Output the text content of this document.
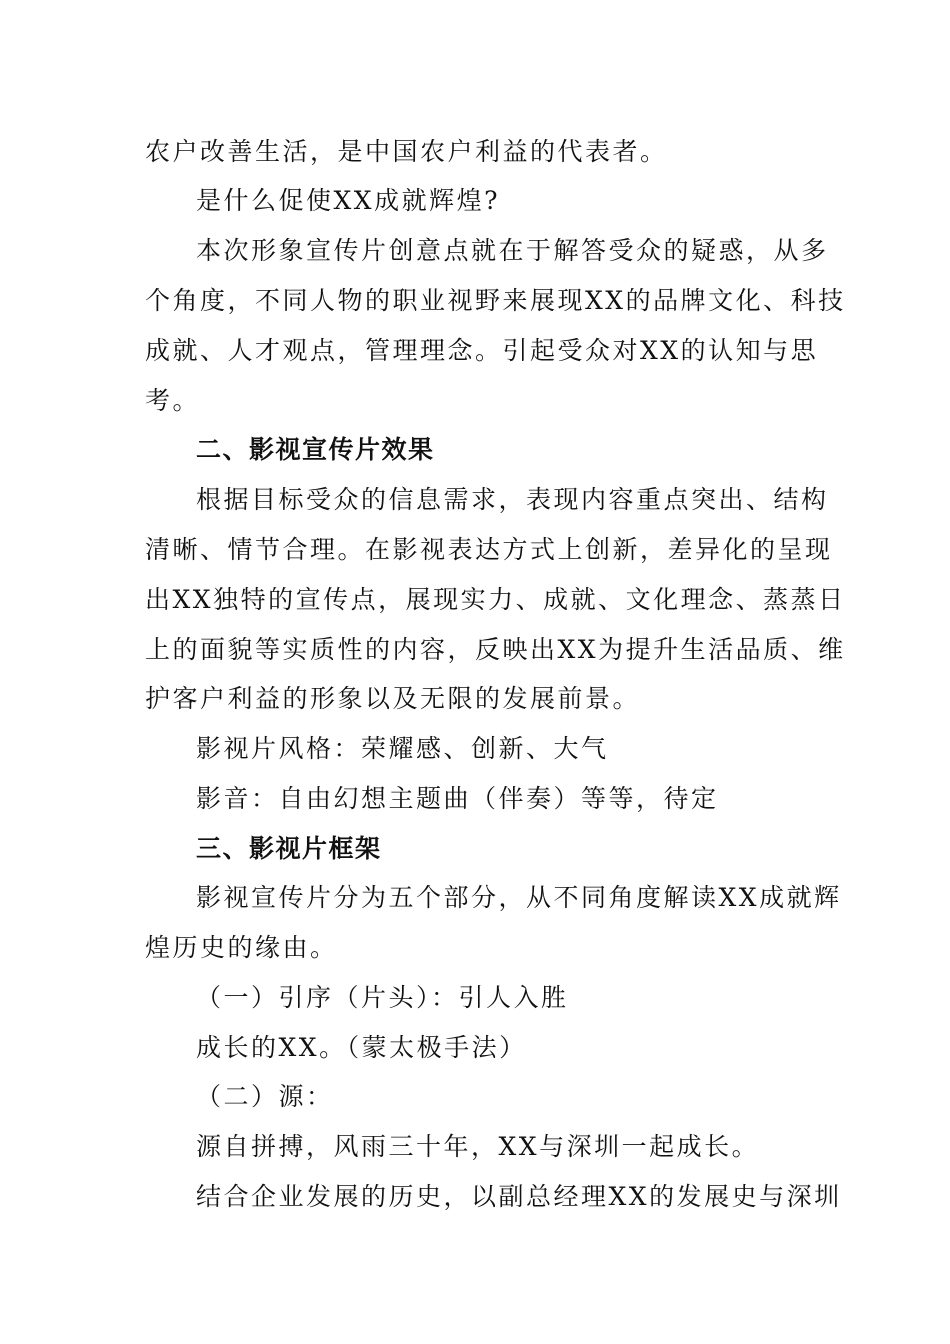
农户改善生活，是中国农户利益的代表者。
是什么促使XX成就辉煌?
本次形象宣传片创意点就在于解答受众的疑惑，从多
个角度，不同人物的职业视野来展现XX的品牌文化、科技
成就、人才观点，管理理念。引起受众对XX的认知与思
考。
二、影视宣传片效果
根据目标受众的信息需求，表现内容重点突出、结构
清晰、情节合理。在影视表达方式上创新，差异化的呈现
出XX独特的宣传点，展现实力、成就、文化理念、蒸蒸日
上的面貌等实质性的内容，反映出XX为提升生活品质、维
护客户利益的形象以及无限的发展前景。
影视片风格：荣耀感、创新、大气
影音：自由幻想主题曲（伴奏）等等，待定
三、影视片框架
影视宣传片分为五个部分，从不同角度解读XX成就辉
煌历史的缘由。
（一）引序（片头）：引人入胜
成长的XX。（蒙太极手法）
（二）源：
源自拼搏，风雨三十年，XX与深圳一起成长。
结合企业发展的历史，以副总经理XX的发展史与深圳
